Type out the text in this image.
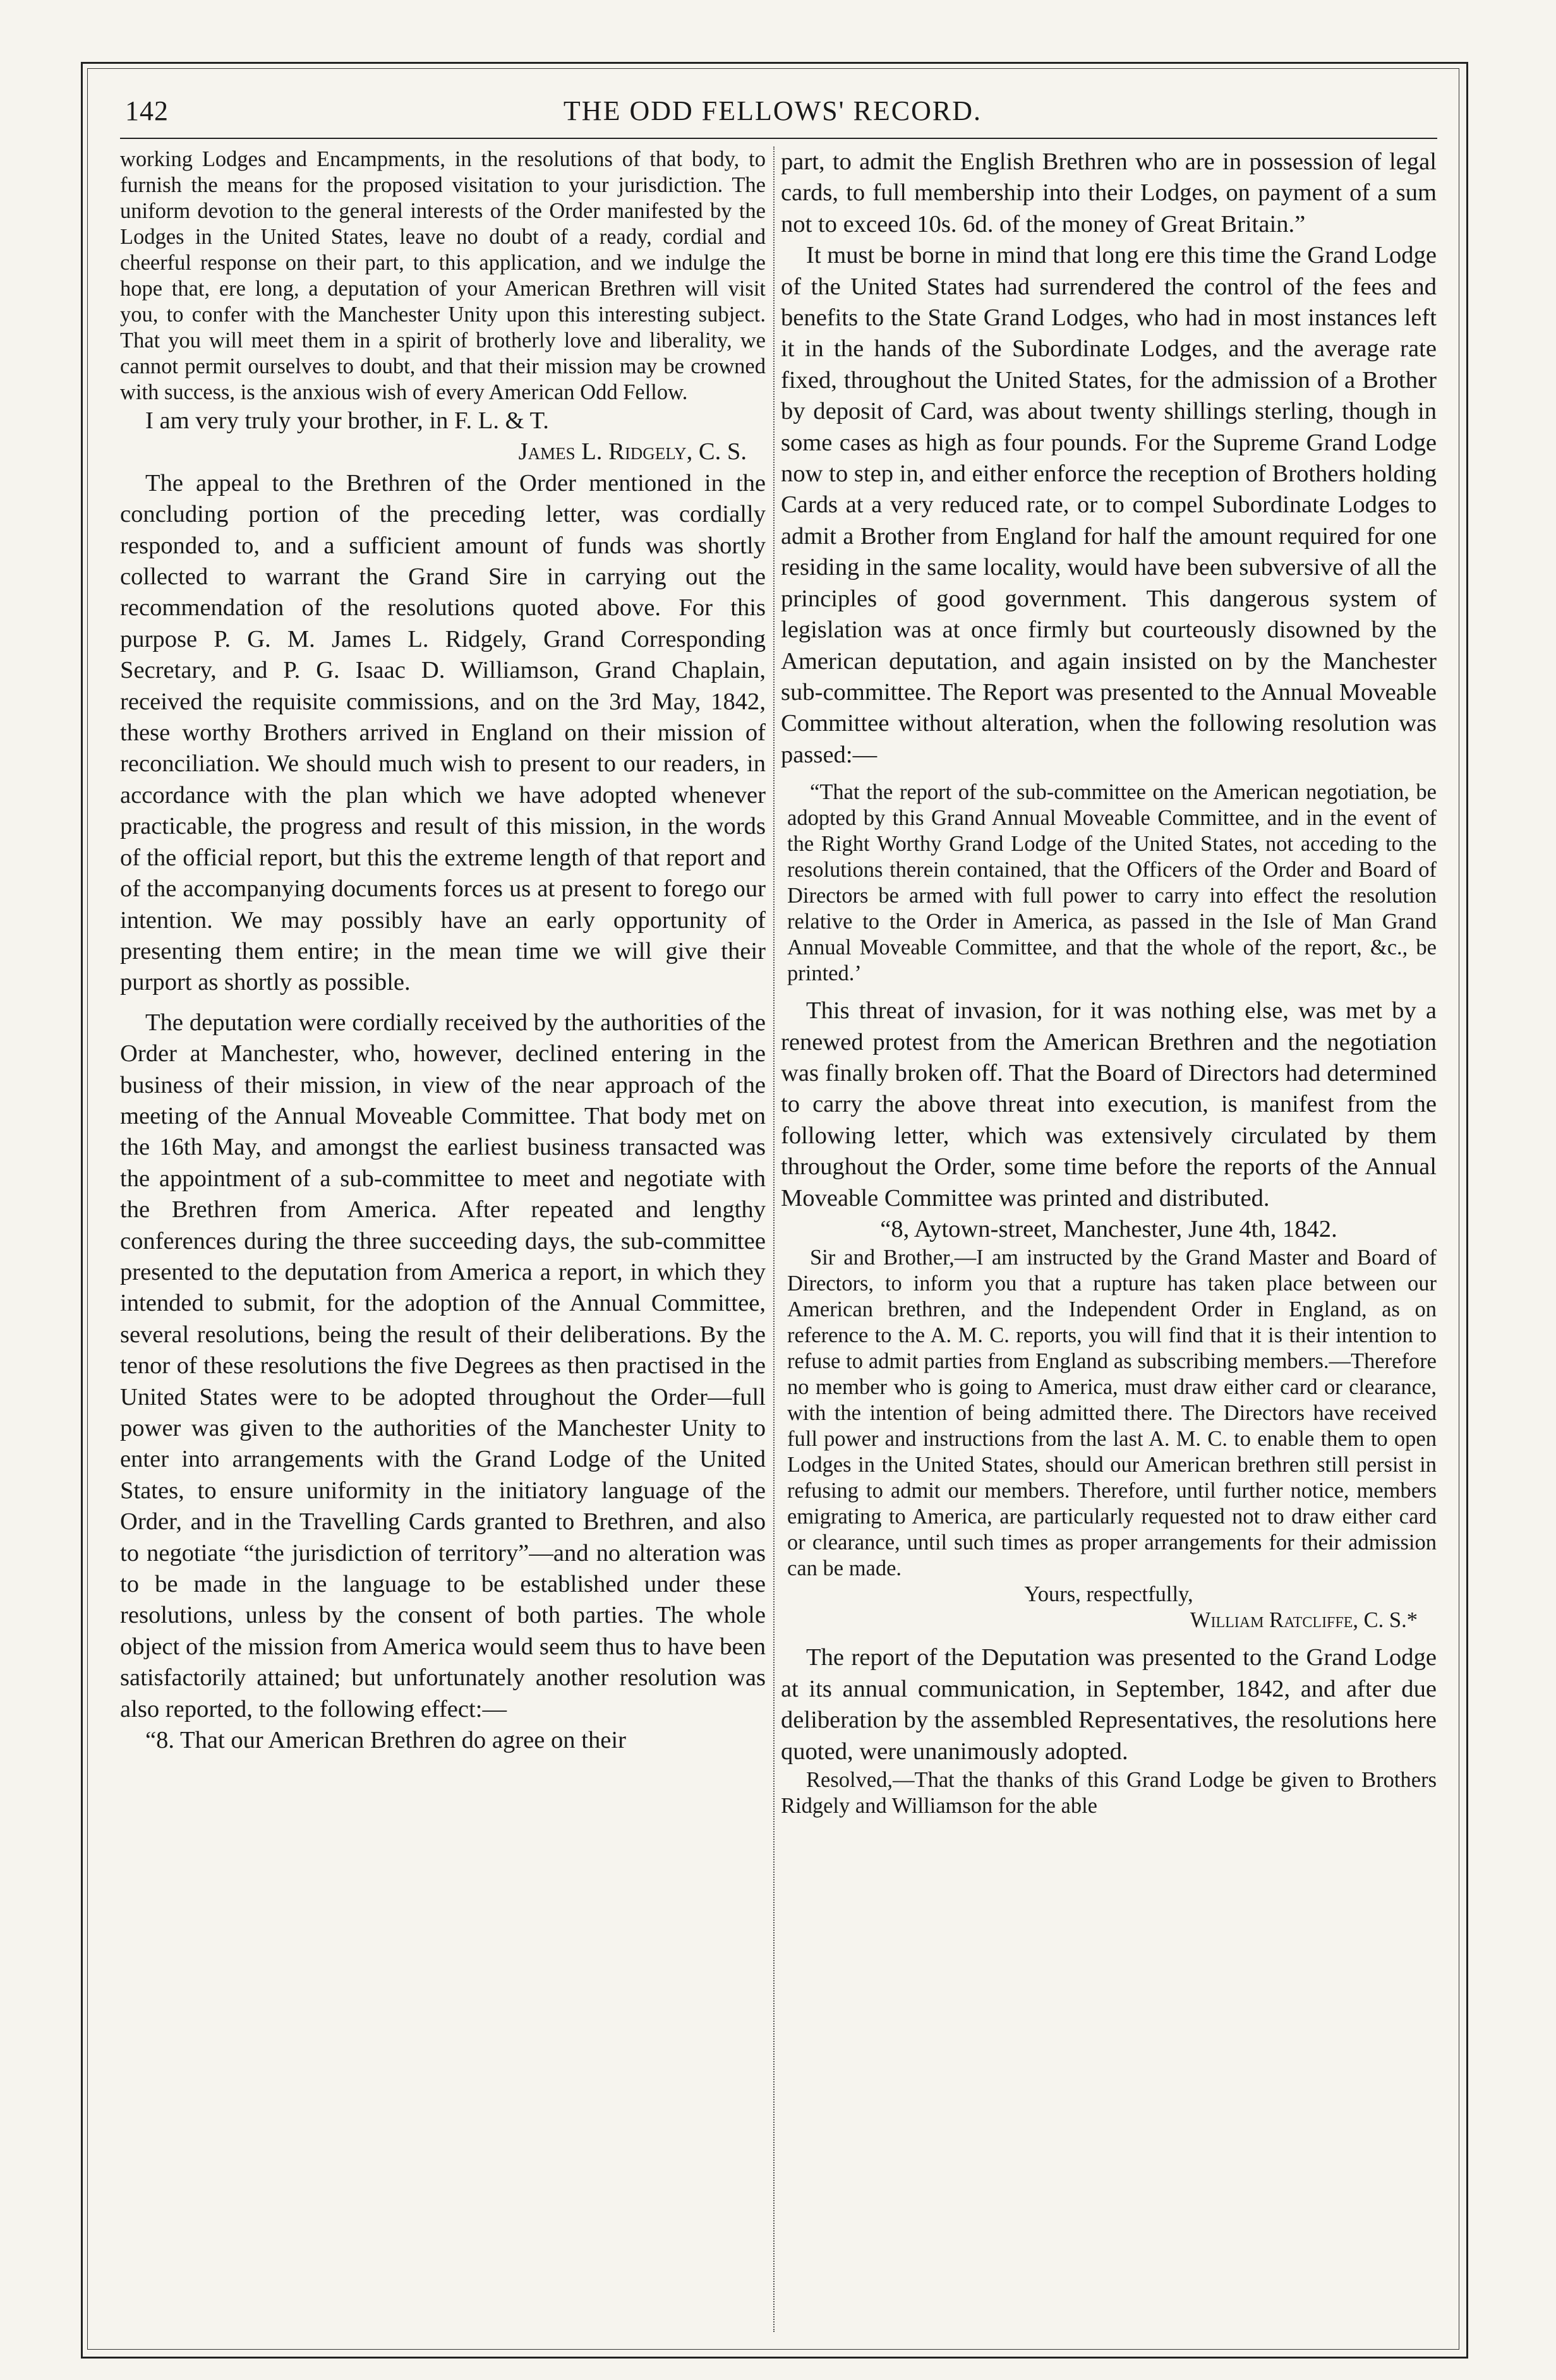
142	THE ODD FELLOWS' RECORD.

working Lodges and Encampments, in the resolutions of that body, to furnish the means for the proposed visitation to your jurisdiction. The uniform devotion to the general interests of the Order manifested by the Lodges in the United States, leave no doubt of a ready, cordial and cheerful response on their part, to this application, and we indulge the hope that, ere long, a deputation of your American Brethren will visit you, to confer with the Manchester Unity upon this interesting subject. That you will meet them in a spirit of brotherly love and liberality, we cannot permit ourselves to doubt, and that their mission may be crowned with success, is the anxious wish of every American Odd Fellow.

I am very truly your brother, in F. L. & T.

James L. Ridgely, C. S.

The appeal to the Brethren of the Order mentioned in the concluding portion of the preceding letter, was cordially responded to, and a sufficient amount of funds was shortly collected to warrant the Grand Sire in carrying out the recommendation of the resolutions quoted above. For this purpose P. G. M. James L. Ridgely, Grand Corresponding Secretary, and P. G. Isaac D. Williamson, Grand Chaplain, received the requisite commissions, and on the 3rd May, 1842, these worthy Brothers arrived in England on their mission of reconciliation. We should much wish to present to our readers, in accordance with the plan which we have adopted whenever practicable, the progress and result of this mission, in the words of the official report, but this the extreme length of that report and of the accompanying documents forces us at present to forego our intention. We may possibly have an early opportunity of presenting them entire; in the mean time we will give their purport as shortly as possible.

The deputation were cordially received by the authorities of the Order at Manchester, who, however, declined entering in the business of their mission, in view of the near approach of the meeting of the Annual Moveable Committee. That body met on the 16th May, and amongst the earliest business transacted was the appointment of a sub-committee to meet and negotiate with the Brethren from America. After repeated and lengthy conferences during the three succeeding days, the sub-committee presented to the deputation from America a report, in which they intended to submit, for the adoption of the Annual Committee, several resolutions, being the result of their deliberations. By the tenor of these resolutions the five Degrees as then practised in the United States were to be adopted throughout the Order—full power was given to the authorities of the Manchester Unity to enter into arrangements with the Grand Lodge of the United States, to ensure uniformity in the initiatory language of the Order, and in the Travelling Cards granted to Brethren, and also to negotiate “the jurisdiction of territory”—and no alteration was to be made in the language to be established under these resolutions, unless by the consent of both parties. The whole object of the mission from America would seem thus to have been satisfactorily attained; but unfortunately another resolution was also reported, to the following effect:—

“8. That our American Brethren do agree on their

part, to admit the English Brethren who are in possession of legal cards, to full membership into their Lodges, on payment of a sum not to exceed 10s. 6d. of the money of Great Britain.”

It must be borne in mind that long ere this time the Grand Lodge of the United States had surrendered the control of the fees and benefits to the State Grand Lodges, who had in most instances left it in the hands of the Subordinate Lodges, and the average rate fixed, throughout the United States, for the admission of a Brother by deposit of Card, was about twenty shillings sterling, though in some cases as high as four pounds. For the Supreme Grand Lodge now to step in, and either enforce the reception of Brothers holding Cards at a very reduced rate, or to compel Subordinate Lodges to admit a Brother from England for half the amount required for one residing in the same locality, would have been subversive of all the principles of good government. This dangerous system of legislation was at once firmly but courteously disowned by the American deputation, and again insisted on by the Manchester sub-committee. The Report was presented to the Annual Moveable Committee without alteration, when the following resolution was passed:—

“That the report of the sub-committee on the American negotiation, be adopted by this Grand Annual Moveable Committee, and in the event of the Right Worthy Grand Lodge of the United States, not acceding to the resolutions therein contained, that the Officers of the Order and Board of Directors be armed with full power to carry into effect the resolution relative to the Order in America, as passed in the Isle of Man Grand Annual Moveable Committee, and that the whole of the report, &c., be printed.’

This threat of invasion, for it was nothing else, was met by a renewed protest from the American Brethren and the negotiation was finally broken off. That the Board of Directors had determined to carry the above threat into execution, is manifest from the following letter, which was extensively circulated by them throughout the Order, some time before the reports of the Annual Moveable Committee was printed and distributed.

“8, Aytown-street, Manchester, June 4th, 1842.

Sir and Brother,—I am instructed by the Grand Master and Board of Directors, to inform you that a rupture has taken place between our American brethren, and the Independent Order in England, as on reference to the A. M. C. reports, you will find that it is their intention to refuse to admit parties from England as subscribing members.—Therefore no member who is going to America, must draw either card or clearance, with the intention of being admitted there. The Directors have received full power and instructions from the last A. M. C. to enable them to open Lodges in the United States, should our American brethren still persist in refusing to admit our members. Therefore, until further notice, members emigrating to America, are particularly requested not to draw either card or clearance, until such times as proper arrangements for their admission can be made.

Yours, respectfully,

William Ratcliffe, C. S.*

The report of the Deputation was presented to the Grand Lodge at its annual communication, in September, 1842, and after due deliberation by the assembled Representatives, the resolutions here quoted, were unanimously adopted.

Resolved,—That the thanks of this Grand Lodge be given to Brothers Ridgely and Williamson for the able
